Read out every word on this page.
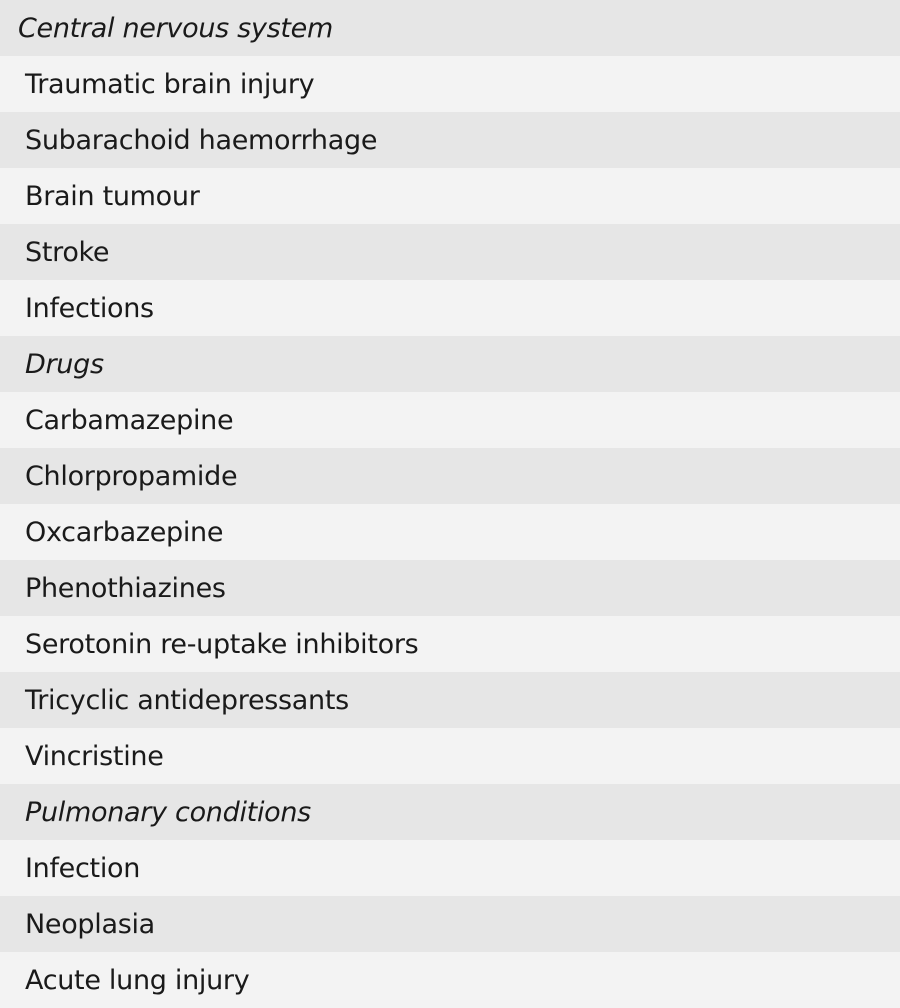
Central nervous system
Traumatic brain injury
Subarachoid haemorrhage
Brain tumour
Stroke
Infections
Drugs
Carbamazepine
Chlorpropamide
Oxcarbazepine
Phenothiazines
Serotonin re-uptake inhibitors
Tricyclic antidepressants
Vincristine
Pulmonary conditions
Infection
Neoplasia
Acute lung injury
